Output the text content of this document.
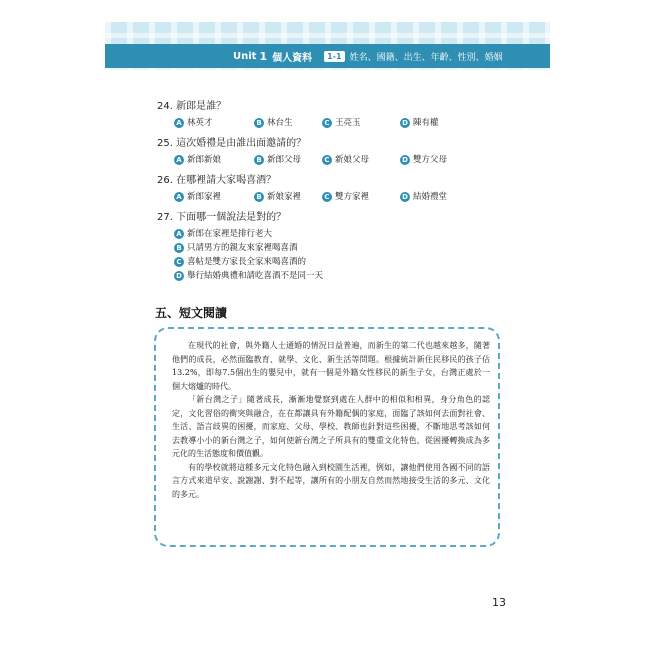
Unit 1 個人資料	1-1 姓名、國籍、出生、年齡、性別、婚姻
24. 新郎是誰？
A 林英才	B 林台生	C 王亮玉	D 陳有權
25. 這次婚禮是由誰出面邀請的？
A 新郎新娘	B 新郎父母	C 新娘父母	D 雙方父母
26. 在哪裡請大家喝喜酒？
A 新郎家裡	B 新娘家裡	C 雙方家裡	D 結婚禮堂
27. 下面哪一個說法是對的？
A 新郎在家裡是排行老大
B 只請男方的親友來家裡喝喜酒
C 喜帖是雙方家長全家來喝喜酒的
D 舉行結婚典禮和請吃喜酒不是同一天
五、短文閱讀

在現代的社會，與外籍人士通婚的情況日益普遍，而新生的第二代也越來越多，隨著他們的成長，必然面臨教育、就學、文化、新生活等問題。根據統計新住民移民的孩子佔13.2%，即每7.5個出生的嬰兒中，就有一個是外籍女性移民的新生子女，台灣正處於一個大熔爐的時代。

「新台灣之子」隨著成長，漸漸地覺察到處在人群中的相似和相異，身分角色的認定，文化習俗的衝突與融合，在在都讓具有外籍配偶的家庭，面臨了該如何去面對社會、生活、語言歧異的困擾，而家庭、父母、學校、教師也針對這些困擾，不斷地思考該如何去教導小小的新台灣之子，如何使新台灣之子所具有的雙重文化特色，從困擾轉換成為多元化的生活態度和價值觀。

有的學校就將這種多元文化特色融入到校園生活裡，例如，讓他們使用各國不同的語言方式來道早安、說謝謝、對不起等，讓所有的小朋友自然而然地接受生活的多元、文化的多元。

13
